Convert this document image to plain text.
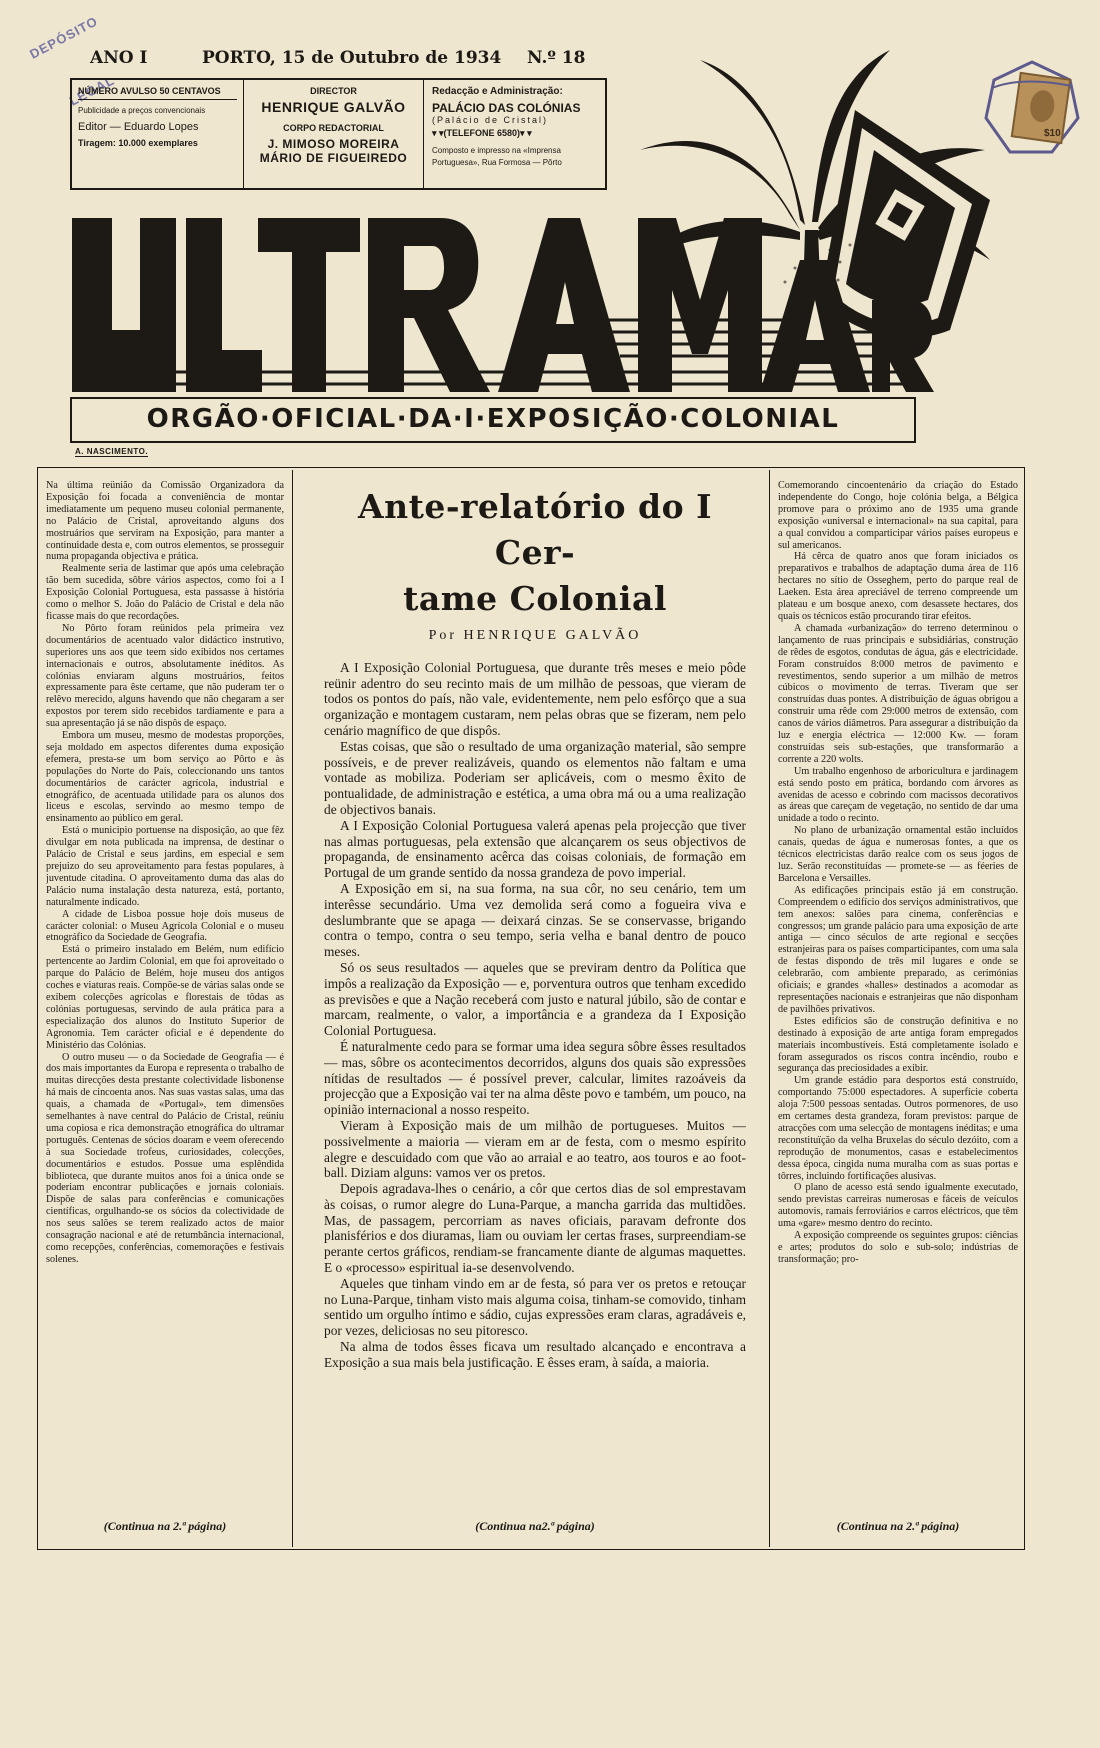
DEPÓSITO LEGAL
$10
ANO I	PORTO, 15 de Outubro de 1934 N.º 18
NÚMERO AVULSO 50 CENTAVOS
Publicidade a preços convencionais
Editor — Eduardo Lopes
Tiragem: 10.000 exemplares
DIRECTOR
HENRIQUE GALVÃO
CORPO REDACTORIAL
J. MIMOSO MOREIRA
MÁRIO DE FIGUEIREDO
Redacção e Administração:
PALÁCIO DAS COLÓNIAS
(Palácio de Cristal)
▾ ▾(TELEFONE 6580)▾ ▾
Composto e impresso na «Imprensa
Portuguesa», Rua Formosa — Pôrto
ORGÃO·OFICIAL·DA·I·EXPOSIÇÃO·COLONIAL
A. NASCIMENTO.

Na última reünião da Comissão Organizadora da Exposição foi focada a conveniência de montar imediatamente um pequeno museu colonial permanente, no Palácio de Cristal, aproveitando alguns dos mostruários que serviram na Exposição, para manter a continuidade desta e, com outros elementos, se prosseguir numa propaganda objectiva e prática.

Realmente seria de lastimar que após uma celebração tão bem sucedida, sôbre vários aspectos, como foi a I Exposição Colonial Portuguesa, esta passasse à história como o melhor S. João do Palácio de Cristal e dela não ficasse mais do que recordações.

No Pôrto foram reünidos pela primeira vez documentários de acentuado valor didáctico instrutivo, superiores uns aos que teem sido exibidos nos certames internacionais e outros, absolutamente inéditos. As colónias enviaram alguns mostruários, feitos expressamente para êste certame, que não puderam ter o relêvo merecido, alguns havendo que não chegaram a ser expostos por terem sido recebidos tardiamente e para a sua apresentação já se não dispôs de espaço.

Embora um museu, mesmo de modestas proporções, seja moldado em aspectos diferentes duma exposição efemera, presta-se um bom serviço ao Pôrto e às populações do Norte do País, coleccionando uns tantos documentários de carácter agrícola, industrial e etnográfico, de acentuada utilidade para os alunos dos liceus e escolas, servindo ao mesmo tempo de ensinamento ao público em geral.

Está o municipio portuense na disposição, ao que fêz divulgar em nota publicada na imprensa, de destinar o Palácio de Cristal e seus jardins, em especial e sem prejuizo do seu aproveitamento para festas populares, à juventude citadina. O aproveitamento duma das alas do Palácio numa instalação desta natureza, está, portanto, naturalmente indicado.

A cidade de Lisboa possue hoje dois museus de carácter colonial: o Museu Agrícola Colonial e o museu etnográfico da Sociedade de Geografia.

Está o primeiro instalado em Belém, num edifício pertencente ao Jardim Colonial, em que foi aproveitado o parque do Palácio de Belém, hoje museu dos antigos coches e viaturas reais. Compõe-se de várias salas onde se exibem colecções agrícolas e florestais de tôdas as colónias portuguesas, servindo de aula prática para a especialização dos alunos do Instituto Superior de Agronomia. Tem carácter oficial e é dependente do Ministério das Colónias.

O outro museu — o da Sociedade de Geografia — é dos mais importantes da Europa e representa o trabalho de muitas direcções desta prestante colectividade lisbonense há mais de cincoenta anos. Nas suas vastas salas, uma das quais, a chamada de «Portugal», tem dimensões semelhantes à nave central do Palácio de Cristal, reüniu uma copiosa e rica demonstração etnográfica do ultramar português. Centenas de sócios doaram e veem oferecendo à sua Sociedade trofeus, curiosidades, colecções, documentários e estudos. Possue uma esplêndida biblioteca, que durante muitos anos foi a única onde se poderiam encontrar publicações e jornais coloniais. Dispõe de salas para conferências e comunicações científicas, orgulhando-se os sócios da colectividade de nos seus salões se terem realizado actos de maior consagração nacional e até de retumbância internacional, como recepções, conferências, comemorações e festivais solenes.

(Continua na 2.ª página)
Ante-relatório do I Cer-
tame Colonial
Por HENRIQUE GALVÃO

A I Exposição Colonial Portuguesa, que durante três meses e meio pôde reünir adentro do seu recinto mais de um milhão de pessoas, que vieram de todos os pontos do país, não vale, evidentemente, nem pelo esfôrço que a sua organização e montagem custaram, nem pelas obras que se fizeram, nem pelo cenário magnífico de que dispôs.

Estas coisas, que são o resultado de uma organização material, são sempre possíveis, e de prever realizáveis, quando os elementos não faltam e uma vontade as mobiliza. Poderiam ser aplicáveis, com o mesmo êxito de pontualidade, de administração e estética, a uma obra má ou a uma realização de objectivos banais.

A I Exposição Colonial Portuguesa valerá apenas pela projecção que tiver nas almas portuguesas, pela extensão que alcançarem os seus objectivos de propaganda, de ensinamento acêrca das coisas coloniais, de formação em Portugal de um grande sentido da nossa grandeza de povo imperial.

A Exposição em si, na sua forma, na sua côr, no seu cenário, tem um interêsse secundário. Uma vez demolida será como a fogueira viva e deslumbrante que se apaga — deixará cinzas. Se se conservasse, brigando contra o tempo, contra o seu tempo, seria velha e banal dentro de pouco meses.

Só os seus resultados — aqueles que se previram dentro da Política que impôs a realização da Exposição — e, porventura outros que tenham excedido as previsões e que a Nação receberá com justo e natural júbilo, são de contar e marcam, realmente, o valor, a importância e a grandeza da I Exposição Colonial Portuguesa.

É naturalmente cedo para se formar uma idea segura sôbre êsses resultados — mas, sôbre os acontecimentos decorridos, alguns dos quais são expressões nítidas de resultados — é possível prever, calcular, limites razoáveis da projecção que a Exposição vai ter na alma dêste povo e também, um pouco, na opinião internacional a nosso respeito.

Vieram à Exposição mais de um milhão de portugueses. Muitos — possivelmente a maioria — vieram em ar de festa, com o mesmo espírito alegre e descuidado com que vão ao arraial e ao teatro, aos touros e ao foot-ball. Diziam alguns: vamos ver os pretos.

Depois agradava-lhes o cenário, a côr que certos dias de sol emprestavam às coisas, o rumor alegre do Luna-Parque, a mancha garrida das multidões. Mas, de passagem, percorriam as naves oficiais, paravam defronte dos planisférios e dos diuramas, liam ou ouviam ler certas frases, surpreendiam-se perante certos gráficos, rendiam-se francamente diante de algumas maquettes. E o «processo» espiritual ia-se desenvolvendo.

Aqueles que tinham vindo em ar de festa, só para ver os pretos e retouçar no Luna-Parque, tinham visto mais alguma coisa, tinham-se comovido, tinham sentido um orgulho íntimo e sádio, cujas expressões eram claras, agradáveis e, por vezes, deliciosas no seu pitoresco.

Na alma de todos êsses ficava um resultado alcançado e encontrava a Exposição a sua mais bela justificação. E êsses eram, à saída, a maioria.

(Continua na2.ª página)

Comemorando cincoentenário da criação do Estado independente do Congo, hoje colónia belga, a Bélgica promove para o próximo ano de 1935 uma grande exposição «universal e internacional» na sua capital, para a qual convidou a comparticipar vários países europeus e sul americanos.

Há cêrca de quatro anos que foram iniciados os preparativos e trabalhos de adaptação duma área de 116 hectares no sítio de Osseghem, perto do parque real de Laeken. Esta área apreciável de terreno compreende um plateau e um bosque anexo, com desassete hectares, dos quais os técnicos estão procurando tirar efeitos.

A chamada «urbanização» do terreno determinou o lançamento de ruas principais e subsidiárias, construção de rêdes de esgotos, condutas de água, gás e electricidade. Foram construídos 8:000 metros de pavimento e revestimentos, sendo superior a um milhão de metros cúbicos o movimento de terras. Tiveram que ser construídas duas pontes. A distribuição de águas obrigou a construir uma rêde com 29:000 metros de extensão, com canos de vários diâmetros. Para assegurar a distribuição da luz e energia eléctrica — 12:000 Kw. — foram construídas seis sub-estações, que transformarão a corrente a 220 wolts.

Um trabalho engenhoso de arboricultura e jardinagem está sendo posto em prática, bordando com árvores as avenidas de acesso e cobrindo com macissos decorativos as áreas que careçam de vegetação, no sentido de dar uma unidade a todo o recinto.

No plano de urbanização ornamental estão incluídos canais, quedas de água e numerosas fontes, a que os técnicos electricistas darão realce com os seus jogos de luz. Serão reconstituídas — promete-se — as féeries de Barcelona e Versailles.

As edificações principais estão já em construção. Compreendem o edifício dos serviços administrativos, que tem anexos: salões para cinema, conferências e congressos; um grande palácio para uma exposição de arte antiga — cinco séculos de arte regional e secções estranjeiras para os países comparticipantes, com uma sala de festas dispondo de três mil lugares e onde se celebrarão, com ambiente preparado, as cerimónias oficiais; e grandes «halles» destinados a acomodar as representações nacionais e estranjeiras que não disponham de pavilhões privativos.

Estes edifícios são de construção definitiva e no destinado à exposição de arte antiga foram empregados materiais incombustíveis. Está completamente isolado e foram assegurados os riscos contra incêndio, roubo e segurança das preciosidades a exibir.

Um grande estádio para desportos está construído, comportando 75:000 espectadores. A superfície coberta aloja 7:500 pessoas sentadas. Outros pormenores, de uso em certames desta grandeza, foram previstos: parque de atracções com uma selecção de montagens inéditas; e uma reconstituïção da velha Bruxelas do século dezóito, com a reprodução de monumentos, casas e estabelecimentos dessa época, cingida numa muralha com as suas portas e tôrres, incluindo fortificações alusivas.

O plano de acesso está sendo igualmente executado, sendo previstas carreiras numerosas e fáceis de veículos automovis, ramais ferroviários e carros eléctricos, que têm uma «gare» mesmo dentro do recinto.

A exposição compreende os seguintes grupos: ciências e artes; produtos do solo e sub-solo; indústrias de transformação; pro-

(Continua na 2.ª página)
